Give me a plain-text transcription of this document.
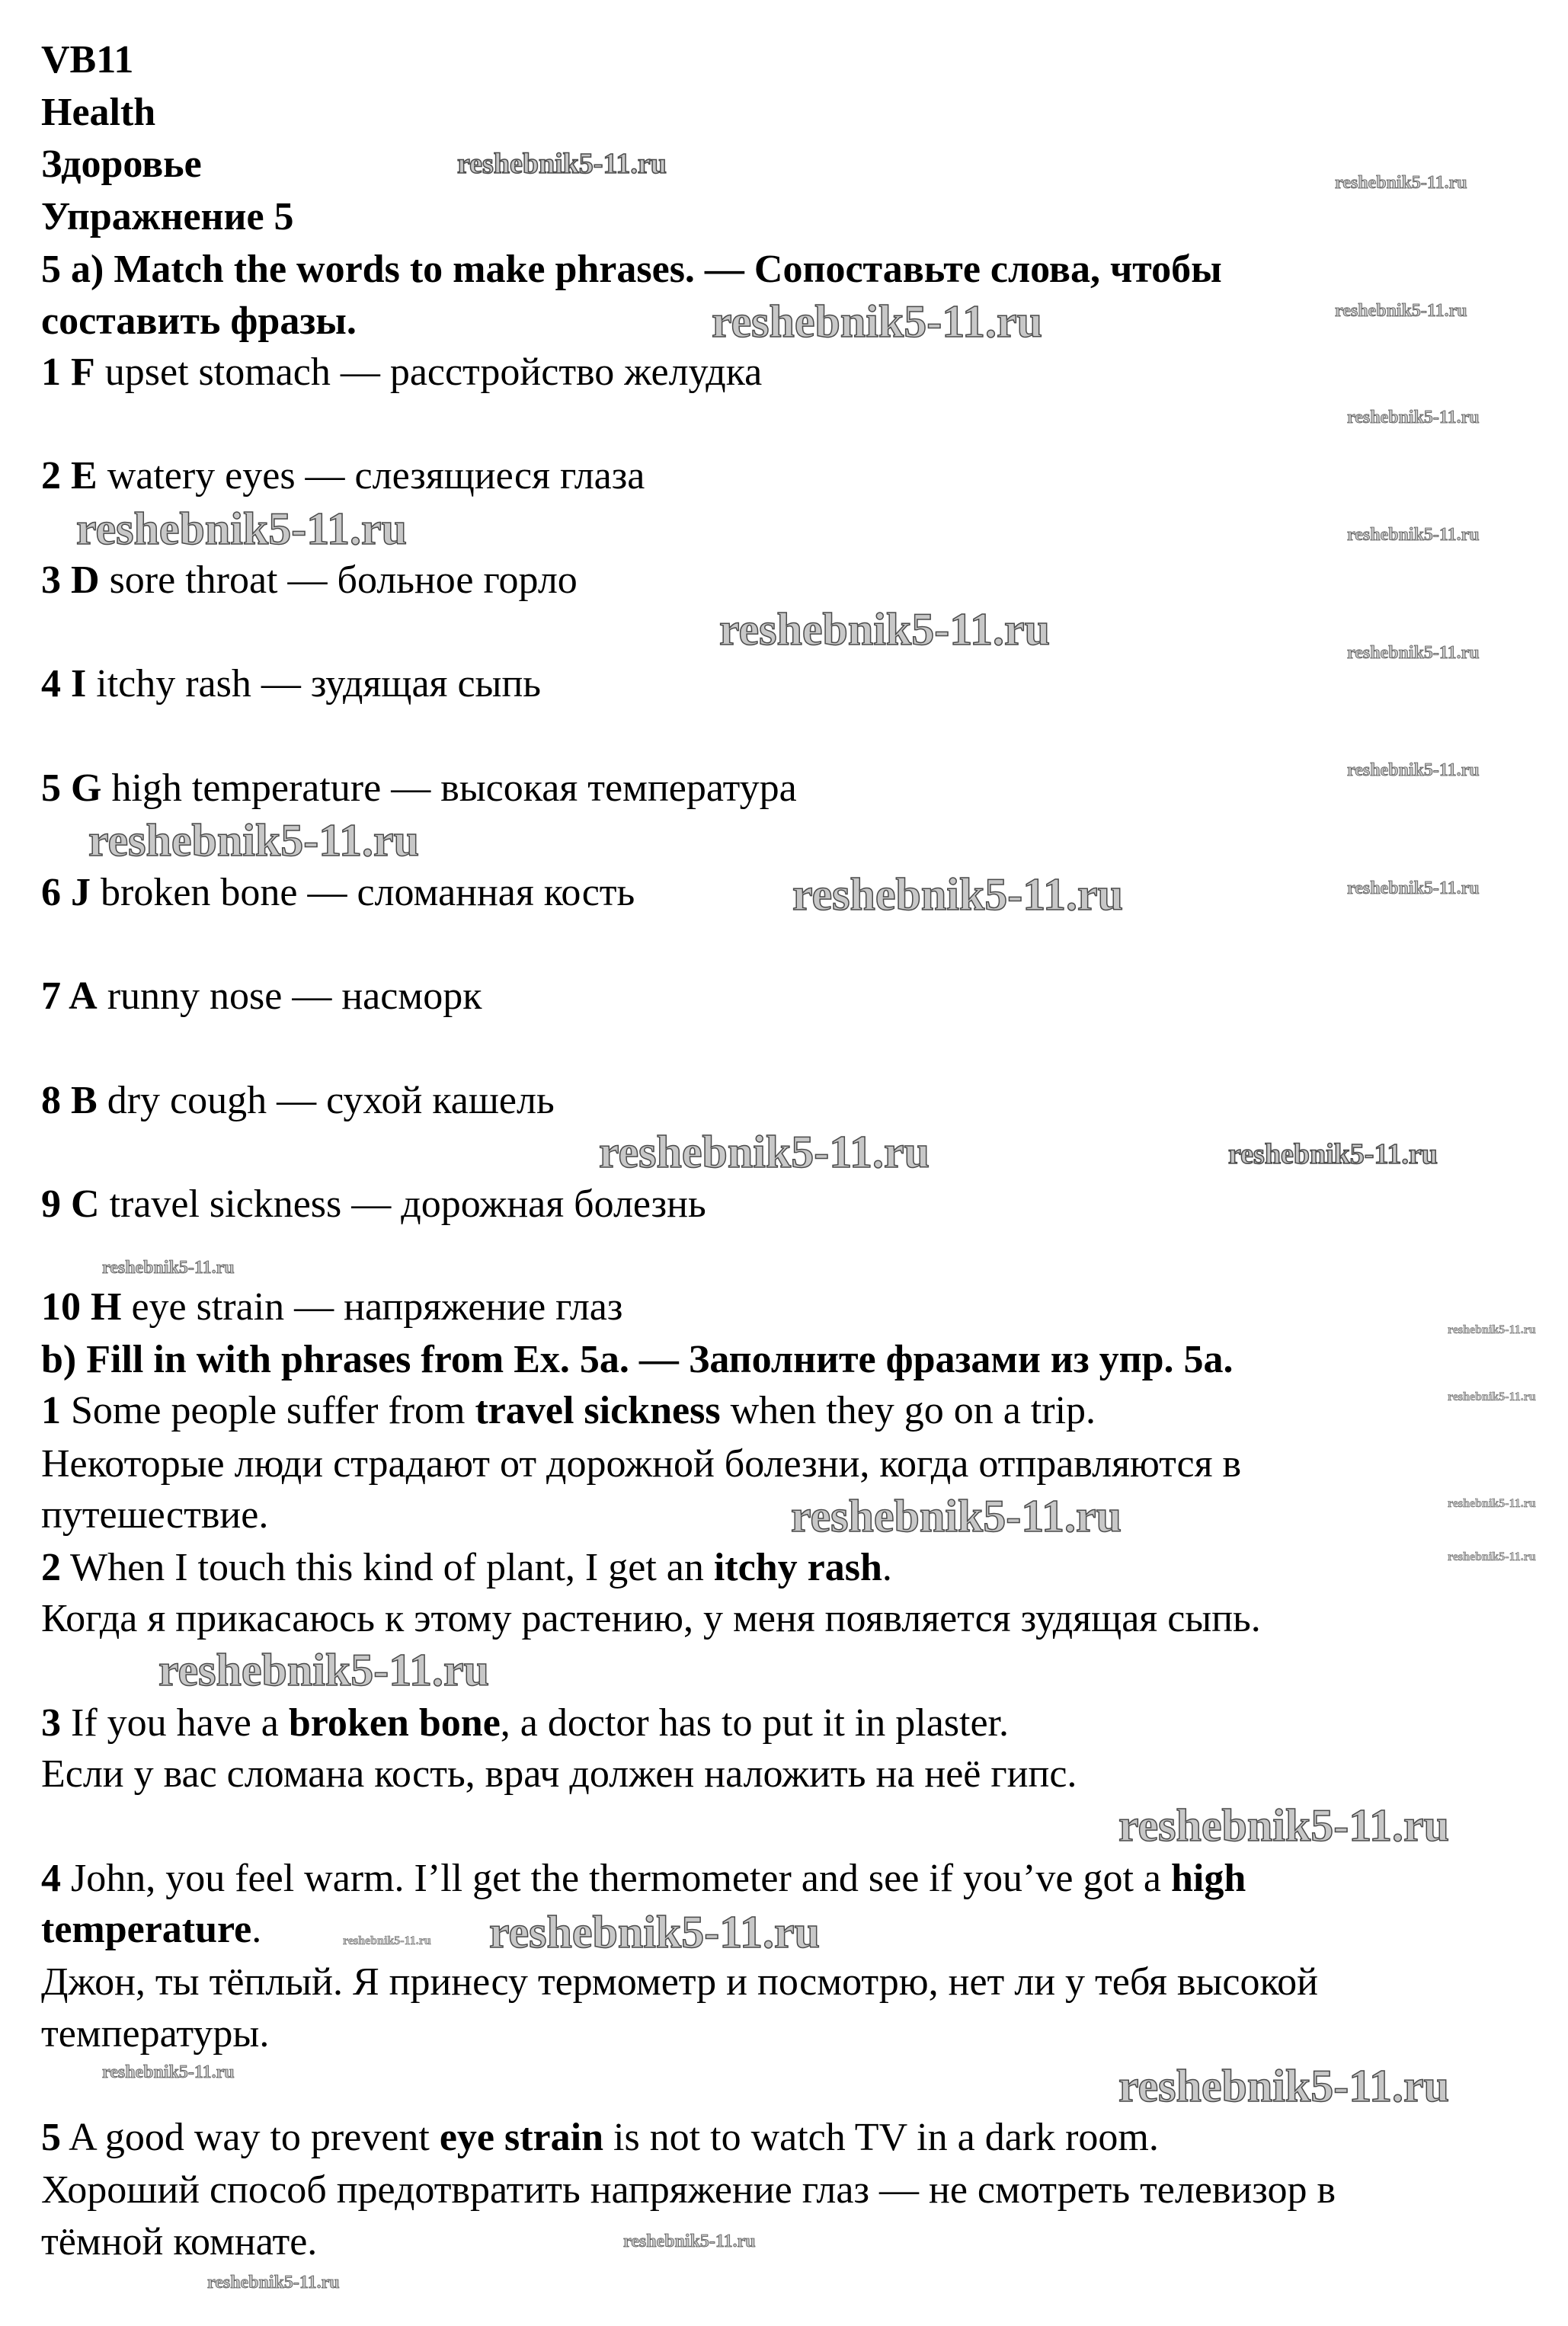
VB11
Health
Здоровье
Упражнение 5
5 a) Match the words to make phrases. — Сопоставьте слова, чтобы
составить фразы.
1 F upset stomach — расстройство желудка
2 E watery eyes — слезящиеся глаза
3 D sore throat — больное горло
4 I itchy rash — зудящая сыпь
5 G high temperature — высокая температура
6 J broken bone — сломанная кость
7 A runny nose — насморк
8 B dry cough — сухой кашель
9 C travel sickness — дорожная болезнь
10 H eye strain — напряжение глаз
b) Fill in with phrases from Ex. 5a. — Заполните фразами из упр. 5a.
1 Some people suffer from travel sickness when they go on a trip.
Некоторые люди страдают от дорожной болезни, когда отправляются в
путешествие.
2 When I touch this kind of plant, I get an itchy rash.
Когда я прикасаюсь к этому растению, у меня появляется зудящая сыпь.
3 If you have a broken bone, a doctor has to put it in plaster.
Если у вас сломана кость, врач должен наложить на неё гипс.
4 John, you feel warm. I’ll get the thermometer and see if you’ve got a high
temperature.
Джон, ты тёплый. Я принесу термометр и посмотрю, нет ли у тебя высокой
температуры.
5 A good way to prevent eye strain is not to watch TV in a dark room.
Хороший способ предотвратить напряжение глаз — не смотреть телевизор в
тёмной комнате.
reshebnik5-11.ru
reshebnik5-11.ru
reshebnik5-11.ru	reshebnik5-11.ru
reshebnik5-11.ru
reshebnik5-11.ru	reshebnik5-11.ru
reshebnik5-11.ru	reshebnik5-11.ru
reshebnik5-11.ru
reshebnik5-11.ru
reshebnik5-11.ru	reshebnik5-11.ru
reshebnik5-11.ru	reshebnik5-11.ru
reshebnik5-11.ru
reshebnik5-11.ru
reshebnik5-11.ru
reshebnik5-11.ru
reshebnik5-11.ru
reshebnik5-11.ru
reshebnik5-11.ru
reshebnik5-11.ru
reshebnik5-11.ru reshebnik5-11.ru
reshebnik5-11.ru	reshebnik5-11.ru
reshebnik5-11.ru
reshebnik5-11.ru
